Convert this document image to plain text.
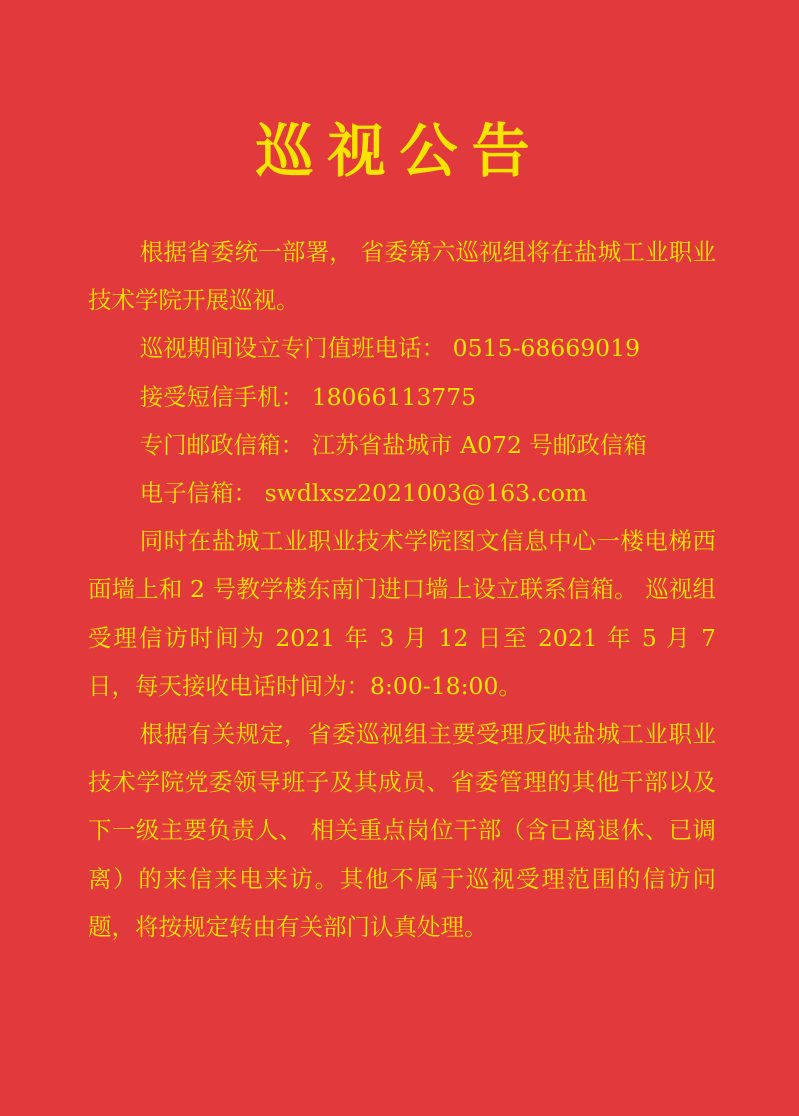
巡视公告

根据省委统一部署， 省委第六巡视组将在盐城工业职业技术学院开展巡视。

巡视期间设立专门值班电话： 0515-68669019

接受短信手机： 18066113775

专门邮政信箱： 江苏省盐城市 A072 号邮政信箱

电子信箱： swdlxsz2021003@163.com

同时在盐城工业职业技术学院图文信息中心一楼电梯西面墙上和 2 号教学楼东南门进口墙上设立联系信箱。 巡视组受理信访时间为 2021 年 3 月 12 日至 2021 年 5 月 7 日，每天接收电话时间为：8:00-18:00。

根据有关规定，省委巡视组主要受理反映盐城工业职业技术学院党委领导班子及其成员、省委管理的其他干部以及下一级主要负责人、 相关重点岗位干部（含已离退休、已调离）的来信来电来访。其他不属于巡视受理范围的信访问题，将按规定转由有关部门认真处理。
